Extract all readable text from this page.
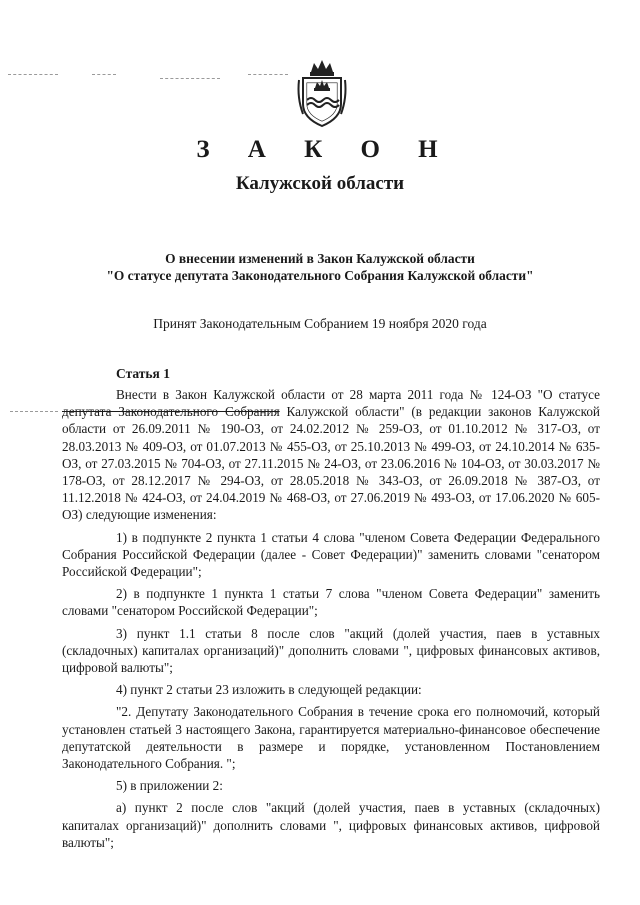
З А К О Н
Калужской области
О внесении изменений в Закон Калужской области
"О статусе депутата Законодательного Собрания Калужской области"
Принят Законодательным Собранием 19 ноября 2020 года
Статья 1

Внести в Закон Калужской области от 28 марта 2011 года № 124-ОЗ "О статусе депутата Законодательного Собрания Калужской области" (в редакции законов Калужской области от 26.09.2011 № 190-ОЗ, от 24.02.2012 № 259-ОЗ, от 01.10.2012 № 317-ОЗ, от 28.03.2013 № 409-ОЗ, от 01.07.2013 № 455-ОЗ, от 25.10.2013 № 499-ОЗ, от 24.10.2014 № 635-ОЗ, от 27.03.2015 № 704-ОЗ, от 27.11.2015 № 24-ОЗ, от 23.06.2016 № 104-ОЗ, от 30.03.2017 № 178-ОЗ, от 28.12.2017 № 294-ОЗ, от 28.05.2018 № 343-ОЗ, от 26.09.2018 № 387-ОЗ, от 11.12.2018 № 424-ОЗ, от 24.04.2019 № 468-ОЗ, от 27.06.2019 № 493-ОЗ, от 17.06.2020 № 605-ОЗ) следующие изменения:

1) в подпункте 2 пункта 1 статьи 4 слова "членом Совета Федерации Федерального Собрания Российской Федерации (далее - Совет Федерации)" заменить словами "сенатором Российской Федерации";

2) в подпункте 1 пункта 1 статьи 7 слова "членом Совета Федерации" заменить словами "сенатором Российской Федерации";

3) пункт 1.1 статьи 8 после слов "акций (долей участия, паев в уставных (складочных) капиталах организаций)" дополнить словами ", цифровых финансовых активов, цифровой валюты";

4) пункт 2 статьи 23 изложить в следующей редакции:

"2. Депутату Законодательного Собрания в течение срока его полномочий, который установлен статьей 3 настоящего Закона, гарантируется материально-финансовое обеспечение депутатской деятельности в размере и порядке, установленном Постановлением Законодательного Собрания. ";

5) в приложении 2:

а) пункт 2 после слов "акций (долей участия, паев в уставных (складочных) капиталах организаций)" дополнить словами ", цифровых финансовых активов, цифровой валюты";
